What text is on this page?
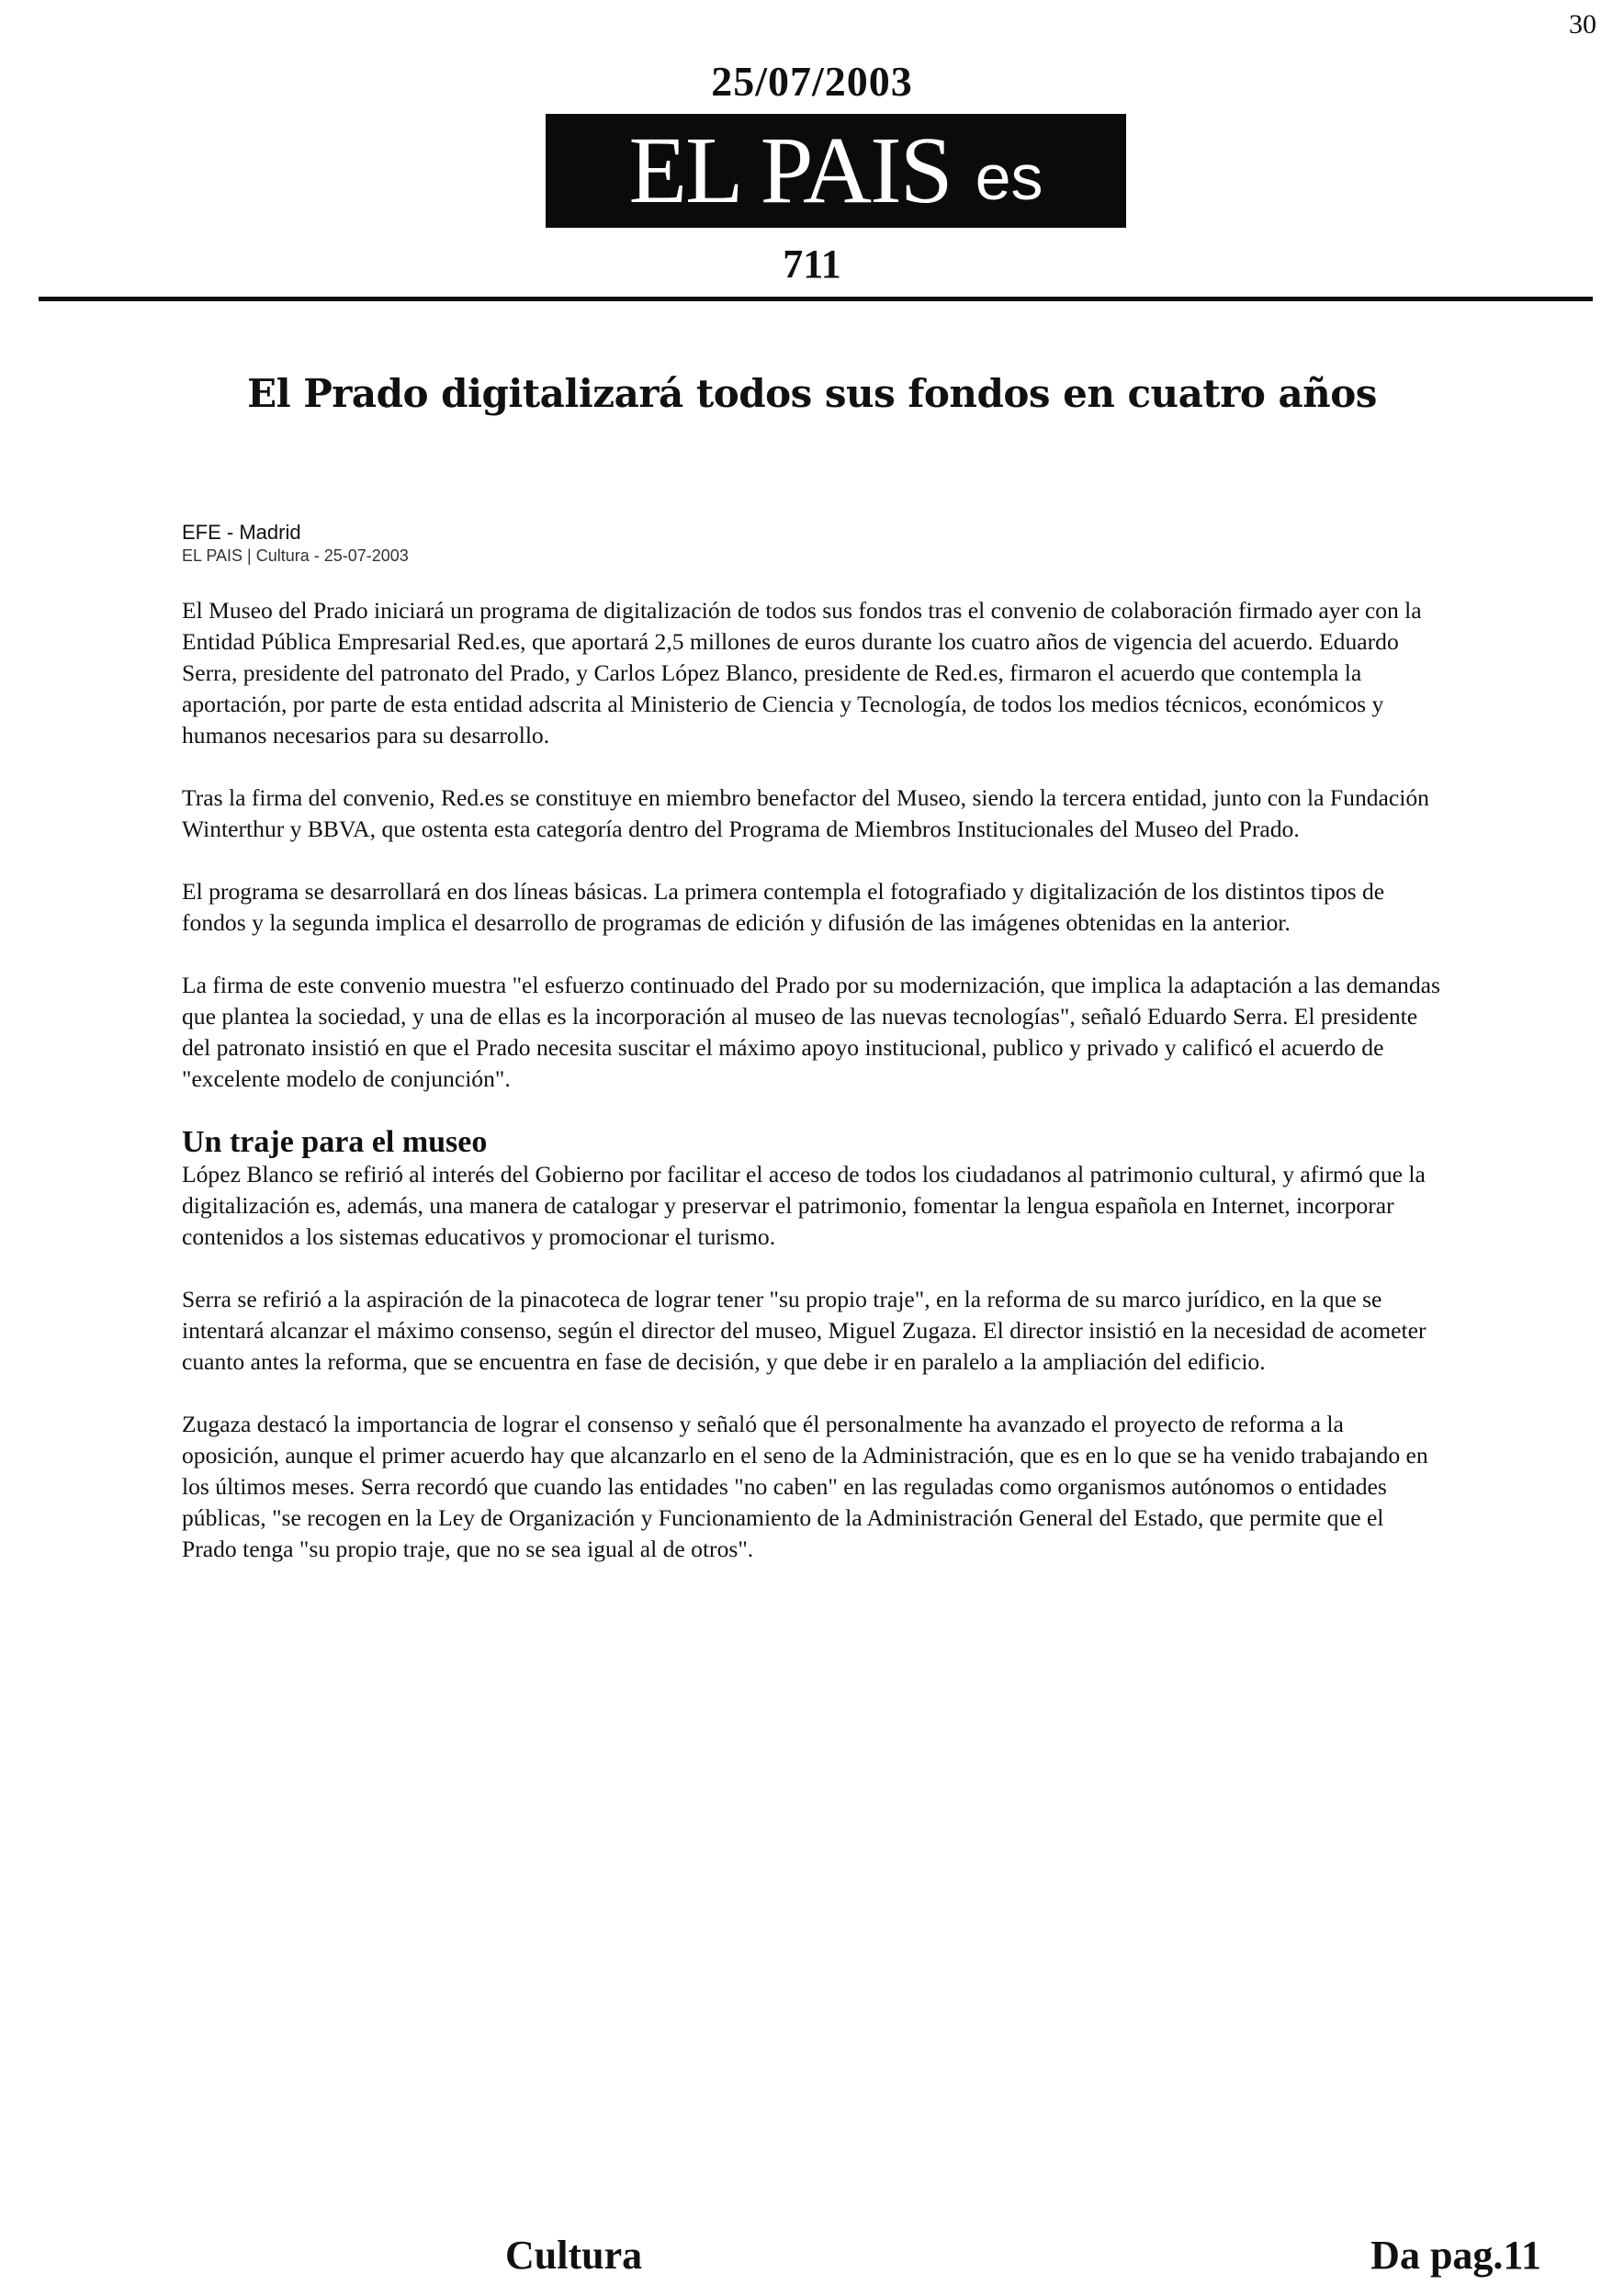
30
25/07/2003
EL PAIS es
711
El Prado digitalizará todos sus fondos en cuatro años
EFE - Madrid
EL PAIS | Cultura - 25-07-2003

El Museo del Prado iniciará un programa de digitalización de todos sus fondos tras el convenio de colaboración firmado ayer con la Entidad Pública Empresarial Red.es, que aportará 2,5 millones de euros durante los cuatro años de vigencia del acuerdo. Eduardo Serra, presidente del patronato del Prado, y Carlos López Blanco, presidente de Red.es, firmaron el acuerdo que contempla la aportación, por parte de esta entidad adscrita al Ministerio de Ciencia y Tecnología, de todos los medios técnicos, económicos y humanos necesarios para su desarrollo.

Tras la firma del convenio, Red.es se constituye en miembro benefactor del Museo, siendo la tercera entidad, junto con la Fundación Winterthur y BBVA, que ostenta esta categoría dentro del Programa de Miembros Institucionales del Museo del Prado.

El programa se desarrollará en dos líneas básicas. La primera contempla el fotografiado y digitalización de los distintos tipos de fondos y la segunda implica el desarrollo de programas de edición y difusión de las imágenes obtenidas en la anterior.

La firma de este convenio muestra "el esfuerzo continuado del Prado por su modernización, que implica la adaptación a las demandas que plantea la sociedad, y una de ellas es la incorporación al museo de las nuevas tecnologías", señaló Eduardo Serra. El presidente del patronato insistió en que el Prado necesita suscitar el máximo apoyo institucional, publico y privado y calificó el acuerdo de "excelente modelo de conjunción".

Un traje para el museo

López Blanco se refirió al interés del Gobierno por facilitar el acceso de todos los ciudadanos al patrimonio cultural, y afirmó que la digitalización es, además, una manera de catalogar y preservar el patrimonio, fomentar la lengua española en Internet, incorporar contenidos a los sistemas educativos y promocionar el turismo.

Serra se refirió a la aspiración de la pinacoteca de lograr tener "su propio traje", en la reforma de su marco jurídico, en la que se intentará alcanzar el máximo consenso, según el director del museo, Miguel Zugaza. El director insistió en la necesidad de acometer cuanto antes la reforma, que se encuentra en fase de decisión, y que debe ir en paralelo a la ampliación del edificio.

Zugaza destacó la importancia de lograr el consenso y señaló que él personalmente ha avanzado el proyecto de reforma a la oposición, aunque el primer acuerdo hay que alcanzarlo en el seno de la Administración, que es en lo que se ha venido trabajando en los últimos meses. Serra recordó que cuando las entidades "no caben" en las reguladas como organismos autónomos o entidades públicas, "se recogen en la Ley de Organización y Funcionamiento de la Administración General del Estado, que permite que el Prado tenga "su propio traje, que no se sea igual al de otros".

Cultura	Da pag.11
